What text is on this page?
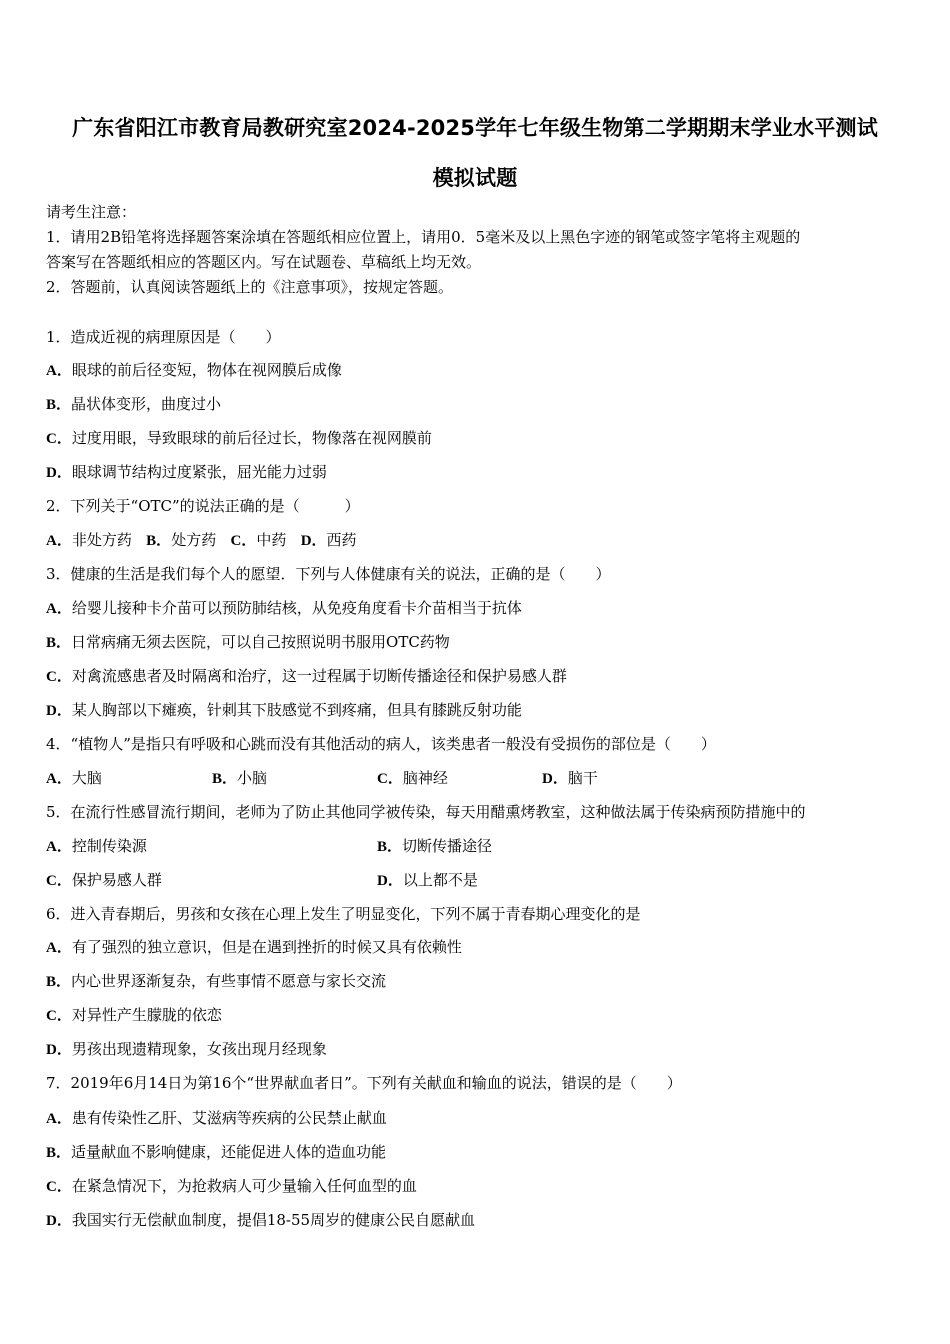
广东省阳江市教育局教研究室2024-2025学年七年级生物第二学期期末学业水平测试
模拟试题
请考生注意：
1．请用2B铅笔将选择题答案涂填在答题纸相应位置上，请用0．5毫米及以上黑色字迹的钢笔或签字笔将主观题的
答案写在答题纸相应的答题区内。写在试题卷、草稿纸上均无效。
2．答题前，认真阅读答题纸上的《注意事项》，按规定答题。
1．造成近视的病理原因是（　　）
A．眼球的前后径变短，物体在视网膜后成像
B．晶状体变形，曲度过小
C．过度用眼，导致眼球的前后径过长，物像落在视网膜前
D．眼球调节结构过度紧张，屈光能力过弱
2．下列关于“OTC”的说法正确的是（　　　）
A．非处方药 B．处方药 C．中药 D．西药
3．健康的生活是我们每个人的愿望．下列与人体健康有关的说法，正确的是（　　）
A．给婴儿接种卡介苗可以预防肺结核，从免疫角度看卡介苗相当于抗体
B．日常病痛无须去医院，可以自己按照说明书服用OTC药物
C．对禽流感患者及时隔离和治疗，这一过程属于切断传播途径和保护易感人群
D．某人胸部以下瘫痪，针刺其下肢感觉不到疼痛，但具有膝跳反射功能
4．“植物人”是指只有呼吸和心跳而没有其他活动的病人，该类患者一般没有受损伤的部位是（　　）
A．大脑	B．小脑	C．脑神经	D．脑干
5．在流行性感冒流行期间，老师为了防止其他同学被传染，每天用醋熏烤教室，这种做法属于传染病预防措施中的
A．控制传染源	B．切断传播途径
C．保护易感人群	D．以上都不是
6．进入青春期后，男孩和女孩在心理上发生了明显变化，下列不属于青春期心理变化的是
A．有了强烈的独立意识，但是在遇到挫折的时候又具有依赖性
B．内心世界逐渐复杂，有些事情不愿意与家长交流
C．对异性产生朦胧的依恋
D．男孩出现遗精现象，女孩出现月经现象
7．2019年6月14日为第16个“世界献血者日”。下列有关献血和输血的说法，错误的是（　　）
A．患有传染性乙肝、艾滋病等疾病的公民禁止献血
B．适量献血不影响健康，还能促进人体的造血功能
C．在紧急情况下，为抢救病人可少量输入任何血型的血
D．我国实行无偿献血制度，提倡18-55周岁的健康公民自愿献血
